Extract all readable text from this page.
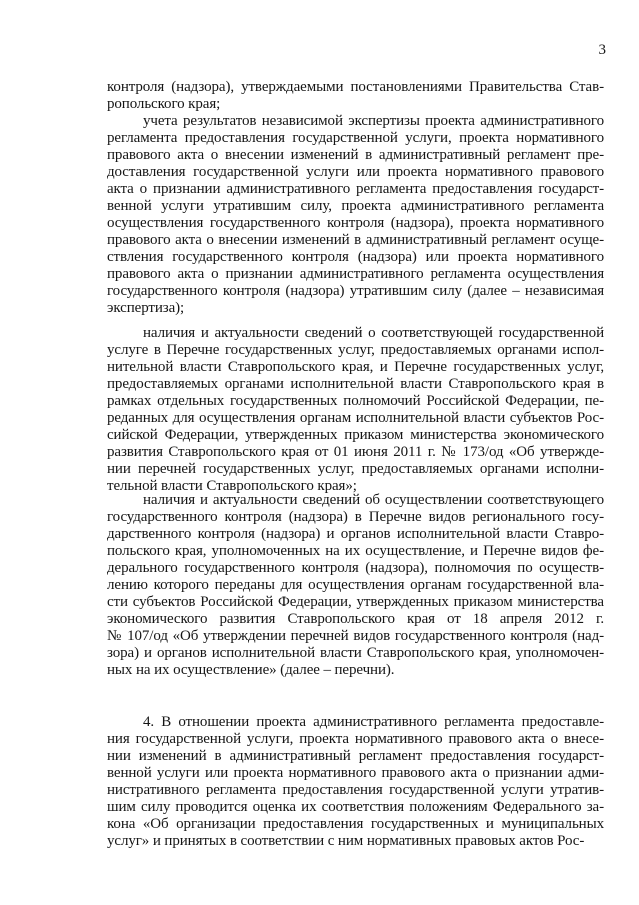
3
контроля (надзора), утверждаемыми постановлениями Правительства Став-
ропольского края;
учета результатов независимой экспертизы проекта административного
регламента предоставления государственной услуги, проекта нормативного
правового акта о внесении изменений в административный регламент пре-
доставления государственной услуги или проекта нормативного правового
акта о признании административного регламента предоставления государст-
венной услуги утратившим силу, проекта административного регламента
осуществления государственного контроля (надзора), проекта нормативного
правового акта о внесении изменений в административный регламент осуще-
ствления государственного контроля (надзора) или проекта нормативного
правового акта о признании административного регламента осуществления
государственного контроля (надзора) утратившим силу (далее – независимая
экспертиза);
наличия и актуальности сведений о соответствующей государственной
услуге в Перечне государственных услуг, предоставляемых органами испол-
нительной власти Ставропольского края, и Перечне государственных услуг,
предоставляемых органами исполнительной власти Ставропольского края в
рамках отдельных государственных полномочий Российской Федерации, пе-
реданных для осуществления органам исполнительной власти субъектов Рос-
сийской Федерации, утвержденных приказом министерства экономического
развития Ставропольского края от 01 июня 2011 г. № 173/од «Об утвержде-
нии перечней государственных услуг, предоставляемых органами исполни-
тельной власти Ставропольского края»;
наличия и актуальности сведений об осуществлении соответствующего
государственного контроля (надзора) в Перечне видов регионального госу-
дарственного контроля (надзора) и органов исполнительной власти Ставро-
польского края, уполномоченных на их осуществление, и Перечне видов фе-
дерального государственного контроля (надзора), полномочия по осуществ-
лению которого переданы для осуществления органам государственной вла-
сти субъектов Российской Федерации, утвержденных приказом министерства
экономического развития Ставропольского края от 18 апреля 2012 г.
№ 107/од «Об утверждении перечней видов государственного контроля (над-
зора) и органов исполнительной власти Ставропольского края, уполномочен-
ных на их осуществление» (далее – перечни).
4. В отношении проекта административного регламента предоставле-
ния государственной услуги, проекта нормативного правового акта о внесе-
нии изменений в административный регламент предоставления государст-
венной услуги или проекта нормативного правового акта о признании адми-
нистративного регламента предоставления государственной услуги утратив-
шим силу проводится оценка их соответствия положениям Федерального за-
кона «Об организации предоставления государственных и муниципальных
услуг» и принятых в соответствии с ним нормативных правовых актов Рос-
